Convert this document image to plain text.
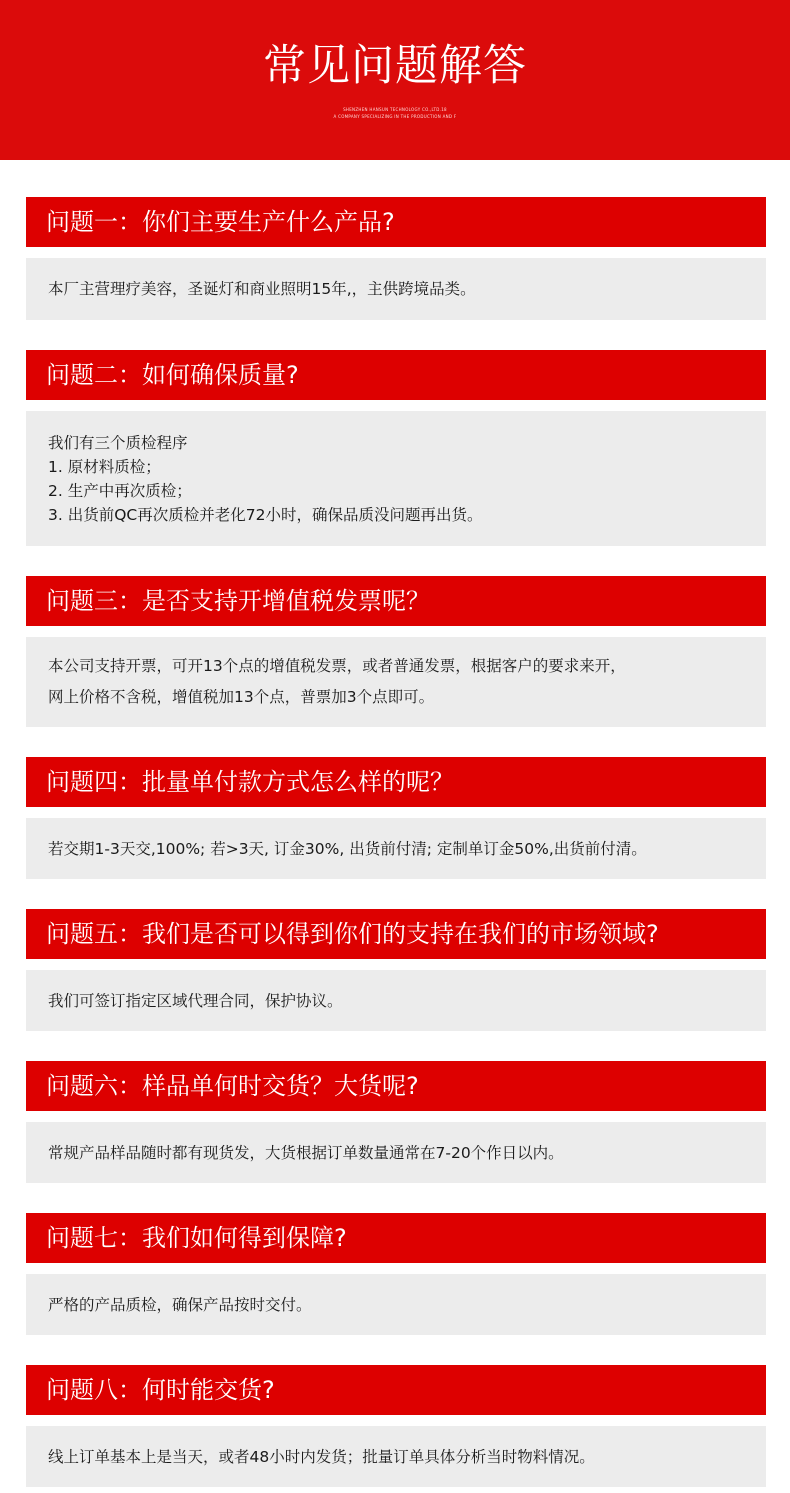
常见问题解答
SHENZHEN HANSUN TECHNOLOGY CO.,LTD.18
A COMPANY SPECIALIZING IN THE PRODUCTION AND F
问题一：你们主要生产什么产品?
本厂主营理疗美容，圣诞灯和商业照明15年,，主供跨境品类。
问题二：如何确保质量?
我们有三个质检程序
1. 原材料质检；
2. 生产中再次质检；
3. 出货前QC再次质检并老化72小时，确保品质没问题再出货。
问题三：是否支持开增值税发票呢？
本公司支持开票，可开13个点的增值税发票，或者普通发票，根据客户的要求来开，
网上价格不含税，增值税加13个点，普票加3个点即可。
问题四：批量单付款方式怎么样的呢？
若交期1-3天交,100%; 若>3天, 订金30%, 出货前付清; 定制单订金50%,出货前付清。
问题五：我们是否可以得到你们的支持在我们的市场领域?
我们可签订指定区域代理合同，保护协议。
问题六：样品单何时交货？大货呢?
常规产品样品随时都有现货发，大货根据订单数量通常在7-20个作日以内。
问题七：我们如何得到保障?
严格的产品质检，确保产品按时交付。
问题八：何时能交货?
线上订单基本上是当天，或者48小时内发货；批量订单具体分析当时物料情况。
